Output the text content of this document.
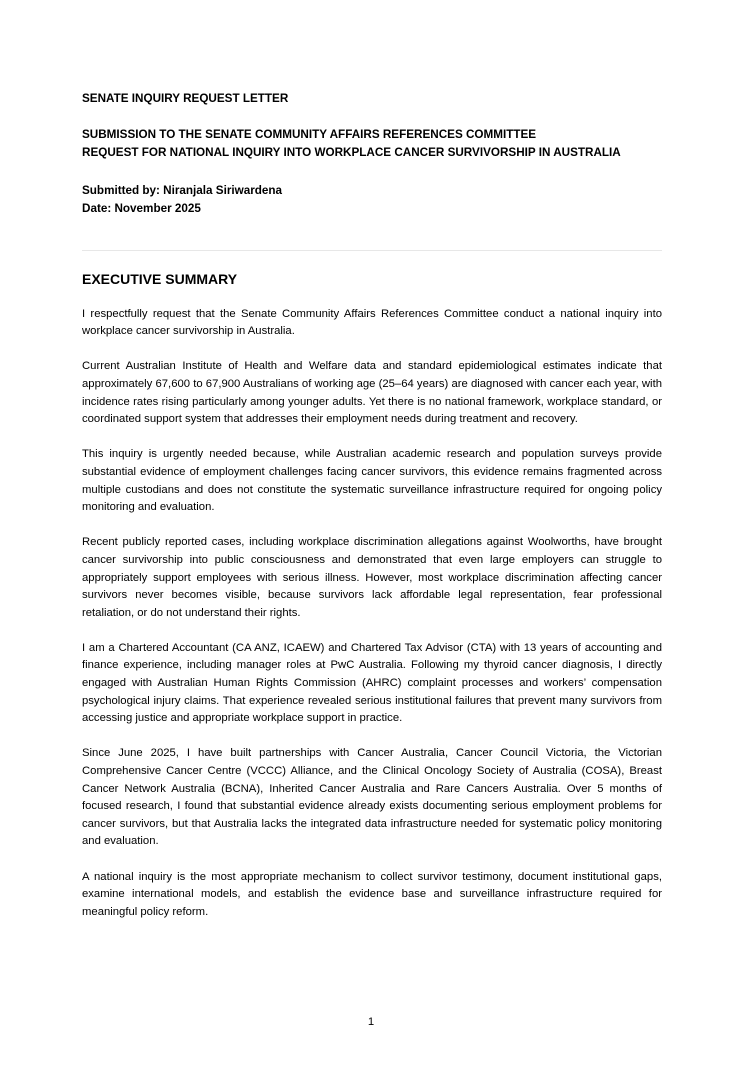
SENATE INQUIRY REQUEST LETTER
SUBMISSION TO THE SENATE COMMUNITY AFFAIRS REFERENCES COMMITTEE
REQUEST FOR NATIONAL INQUIRY INTO WORKPLACE CANCER SURVIVORSHIP IN AUSTRALIA

Submitted by: Niranjala Siriwardena

Date: November 2025

EXECUTIVE SUMMARY

I respectfully request that the Senate Community Affairs References Committee conduct a national inquiry into workplace cancer survivorship in Australia.

Current Australian Institute of Health and Welfare data and standard epidemiological estimates indicate that approximately 67,600 to 67,900 Australians of working age (25–64 years) are diagnosed with cancer each year, with incidence rates rising particularly among younger adults. Yet there is no national framework, workplace standard, or coordinated support system that addresses their employment needs during treatment and recovery.

This inquiry is urgently needed because, while Australian academic research and population surveys provide substantial evidence of employment challenges facing cancer survivors, this evidence remains fragmented across multiple custodians and does not constitute the systematic surveillance infrastructure required for ongoing policy monitoring and evaluation.

Recent publicly reported cases, including workplace discrimination allegations against Woolworths, have brought cancer survivorship into public consciousness and demonstrated that even large employers can struggle to appropriately support employees with serious illness. However, most workplace discrimination affecting cancer survivors never becomes visible, because survivors lack affordable legal representation, fear professional retaliation, or do not understand their rights.

I am a Chartered Accountant (CA ANZ, ICAEW) and Chartered Tax Advisor (CTA) with 13 years of accounting and finance experience, including manager roles at PwC Australia. Following my thyroid cancer diagnosis, I directly engaged with Australian Human Rights Commission (AHRC) complaint processes and workers’ compensation psychological injury claims. That experience revealed serious institutional failures that prevent many survivors from accessing justice and appropriate workplace support in practice.

Since June 2025, I have built partnerships with Cancer Australia, Cancer Council Victoria, the Victorian Comprehensive Cancer Centre (VCCC) Alliance, and the Clinical Oncology Society of Australia (COSA), Breast Cancer Network Australia (BCNA), Inherited Cancer Australia and Rare Cancers Australia. Over 5 months of focused research, I found that substantial evidence already exists documenting serious employment problems for cancer survivors, but that Australia lacks the integrated data infrastructure needed for systematic policy monitoring and evaluation.

A national inquiry is the most appropriate mechanism to collect survivor testimony, document institutional gaps, examine international models, and establish the evidence base and surveillance infrastructure required for meaningful policy reform.

1
